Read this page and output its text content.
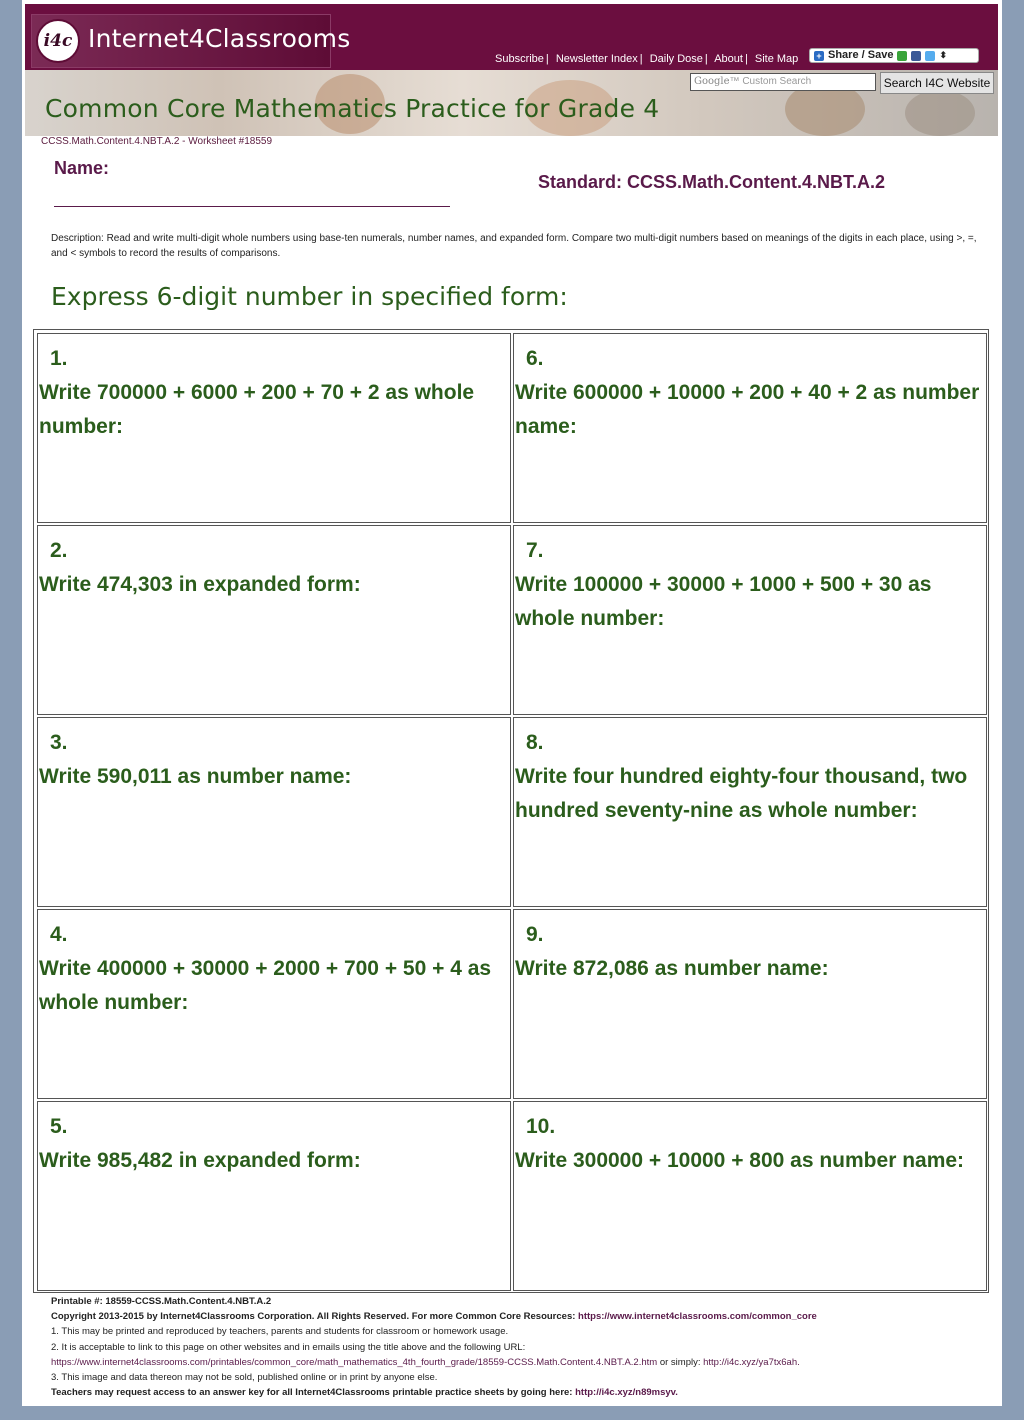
i4c Internet4Classrooms
Subscribe | Newsletter Index | Daily Dose | About | Site Map + Share / Save	⬍
Common Core Mathematics Practice for Grade 4
Google™ Custom Search	Search I4C Website
CCSS.Math.Content.4.NBT.A.2 - Worksheet #18559
Name:
Standard: CCSS.Math.Content.4.NBT.A.2
Description: Read and write multi-digit whole numbers using base-ten numerals, number names, and expanded form. Compare two multi-digit numbers based on meanings of the digits in each place, using >, =, and < symbols to record the results of comparisons.
Express 6-digit number in specified form:
1.
Write 700000 + 6000 + 200 + 70 + 2 as whole number:
2.
Write 474,303 in expanded form:
3.
Write 590,011 as number name:
4.
Write 400000 + 30000 + 2000 + 700 + 50 + 4 as whole number:
5.
Write 985,482 in expanded form:
6.
Write 600000 + 10000 + 200 + 40 + 2 as number name:
7.
Write 100000 + 30000 + 1000 + 500 + 30 as whole number:
8.
Write four hundred eighty-four thousand, two hundred seventy-nine as whole number:
9.
Write 872,086 as number name:
10.
Write 300000 + 10000 + 800 as number name:
Printable #: 18559-CCSS.Math.Content.4.NBT.A.2
Copyright 2013-2015 by Internet4Classrooms Corporation. All Rights Reserved. For more Common Core Resources: https://www.internet4classrooms.com/common_core
1. This may be printed and reproduced by teachers, parents and students for classroom or homework usage.
2. It is acceptable to link to this page on other websites and in emails using the title above and the following URL:
https://www.internet4classrooms.com/printables/common_core/math_mathematics_4th_fourth_grade/18559-CCSS.Math.Content.4.NBT.A.2.htm or simply: http://i4c.xyz/ya7tx6ah.
3. This image and data thereon may not be sold, published online or in print by anyone else.
Teachers may request access to an answer key for all Internet4Classrooms printable practice sheets by going here: http://i4c.xyz/n89msyv.
